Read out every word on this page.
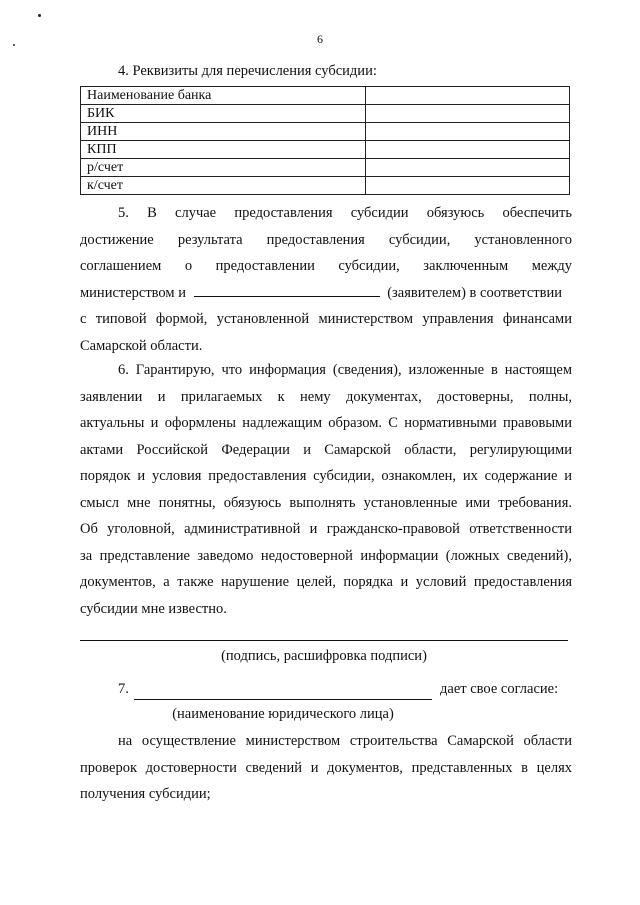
6
4. Реквизиты для перечисления субсидии:
Наименование банка	
БИК	
ИНН	
КПП	
р/счет	
к/счет	
5. В случае предоставления субсидии обязуюсь обеспечить
достижение результата предоставления субсидии, установленного
соглашением о предоставлении субсидии, заключенным между
министерством и	(заявителем) в соответствии
с типовой формой, установленной министерством управления финансами
Самарской области.
6. Гарантирую, что информация (сведения), изложенные в настоящем
заявлении и прилагаемых к нему документах, достоверны, полны,
актуальны и оформлены надлежащим образом. С нормативными правовыми
актами Российской Федерации и Самарской области, регулирующими
порядок и условия предоставления субсидии, ознакомлен, их содержание и
смысл мне понятны, обязуюсь выполнять установленные ими требования.
Об уголовной, административной и гражданско-правовой ответственности
за представление заведомо недостоверной информации (ложных сведений),
документов, а также нарушение целей, порядка и условий предоставления
субсидии мне известно.
(подпись, расшифровка подписи)
7.	дает свое согласие:
(наименование юридического лица)
на осуществление министерством строительства Самарской области
проверок достоверности сведений и документов, представленных в целях
получения субсидии;
